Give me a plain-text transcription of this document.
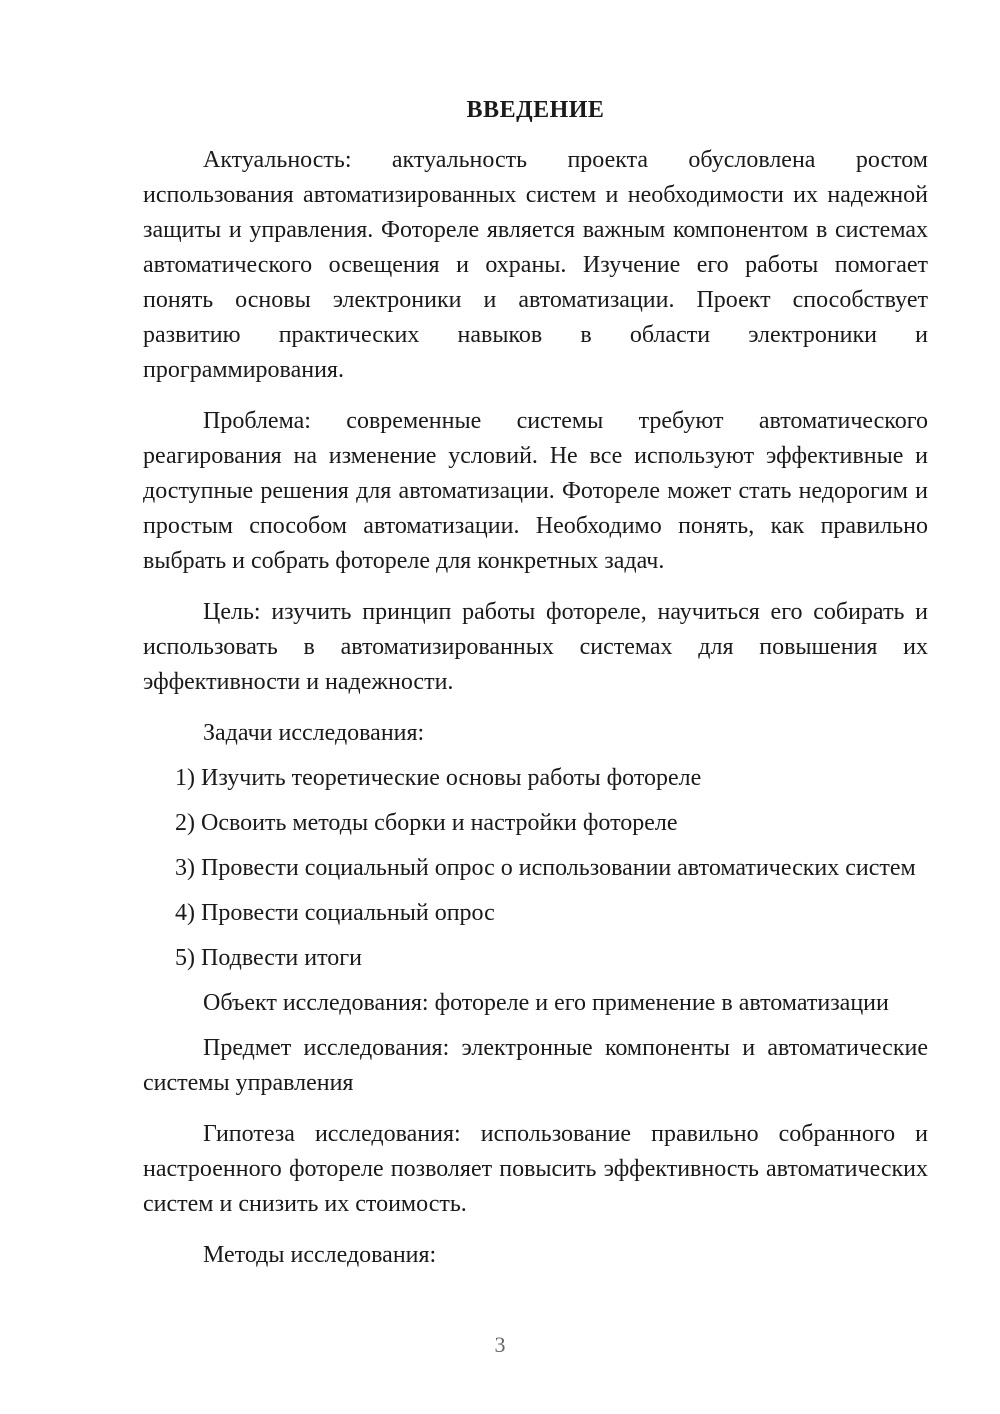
ВВЕДЕНИЕ

Актуальность: актуальность проекта обусловлена ростом использования автоматизированных систем и необходимости их надежной защиты и управления. Фотореле является важным компонентом в системах автоматического освещения и охраны. Изучение его работы помогает понять основы электроники и автоматизации. Проект способствует развитию практических навыков в области электроники и программирования.

Проблема: современные системы требуют автоматического реагирования на изменение условий. Не все используют эффективные и доступные решения для автоматизации. Фотореле может стать недорогим и простым способом автоматизации. Необходимо понять, как правильно выбрать и собрать фотореле для конкретных задач.

Цель: изучить принцип работы фотореле, научиться его собирать и использовать в автоматизированных системах для повышения их эффективности и надежности.

Задачи исследования:

1) Изучить теоретические основы работы фотореле

2) Освоить методы сборки и настройки фотореле

3) Провести социальный опрос о использовании автоматических систем

4) Провести социальный опрос

5) Подвести итоги

Объект исследования: фотореле и его применение в автоматизации

Предмет исследования: электронные компоненты и автоматические системы управления

Гипотеза исследования: использование правильно собранного и настроенного фотореле позволяет повысить эффективность автоматических систем и снизить их стоимость.

Методы исследования:

3
